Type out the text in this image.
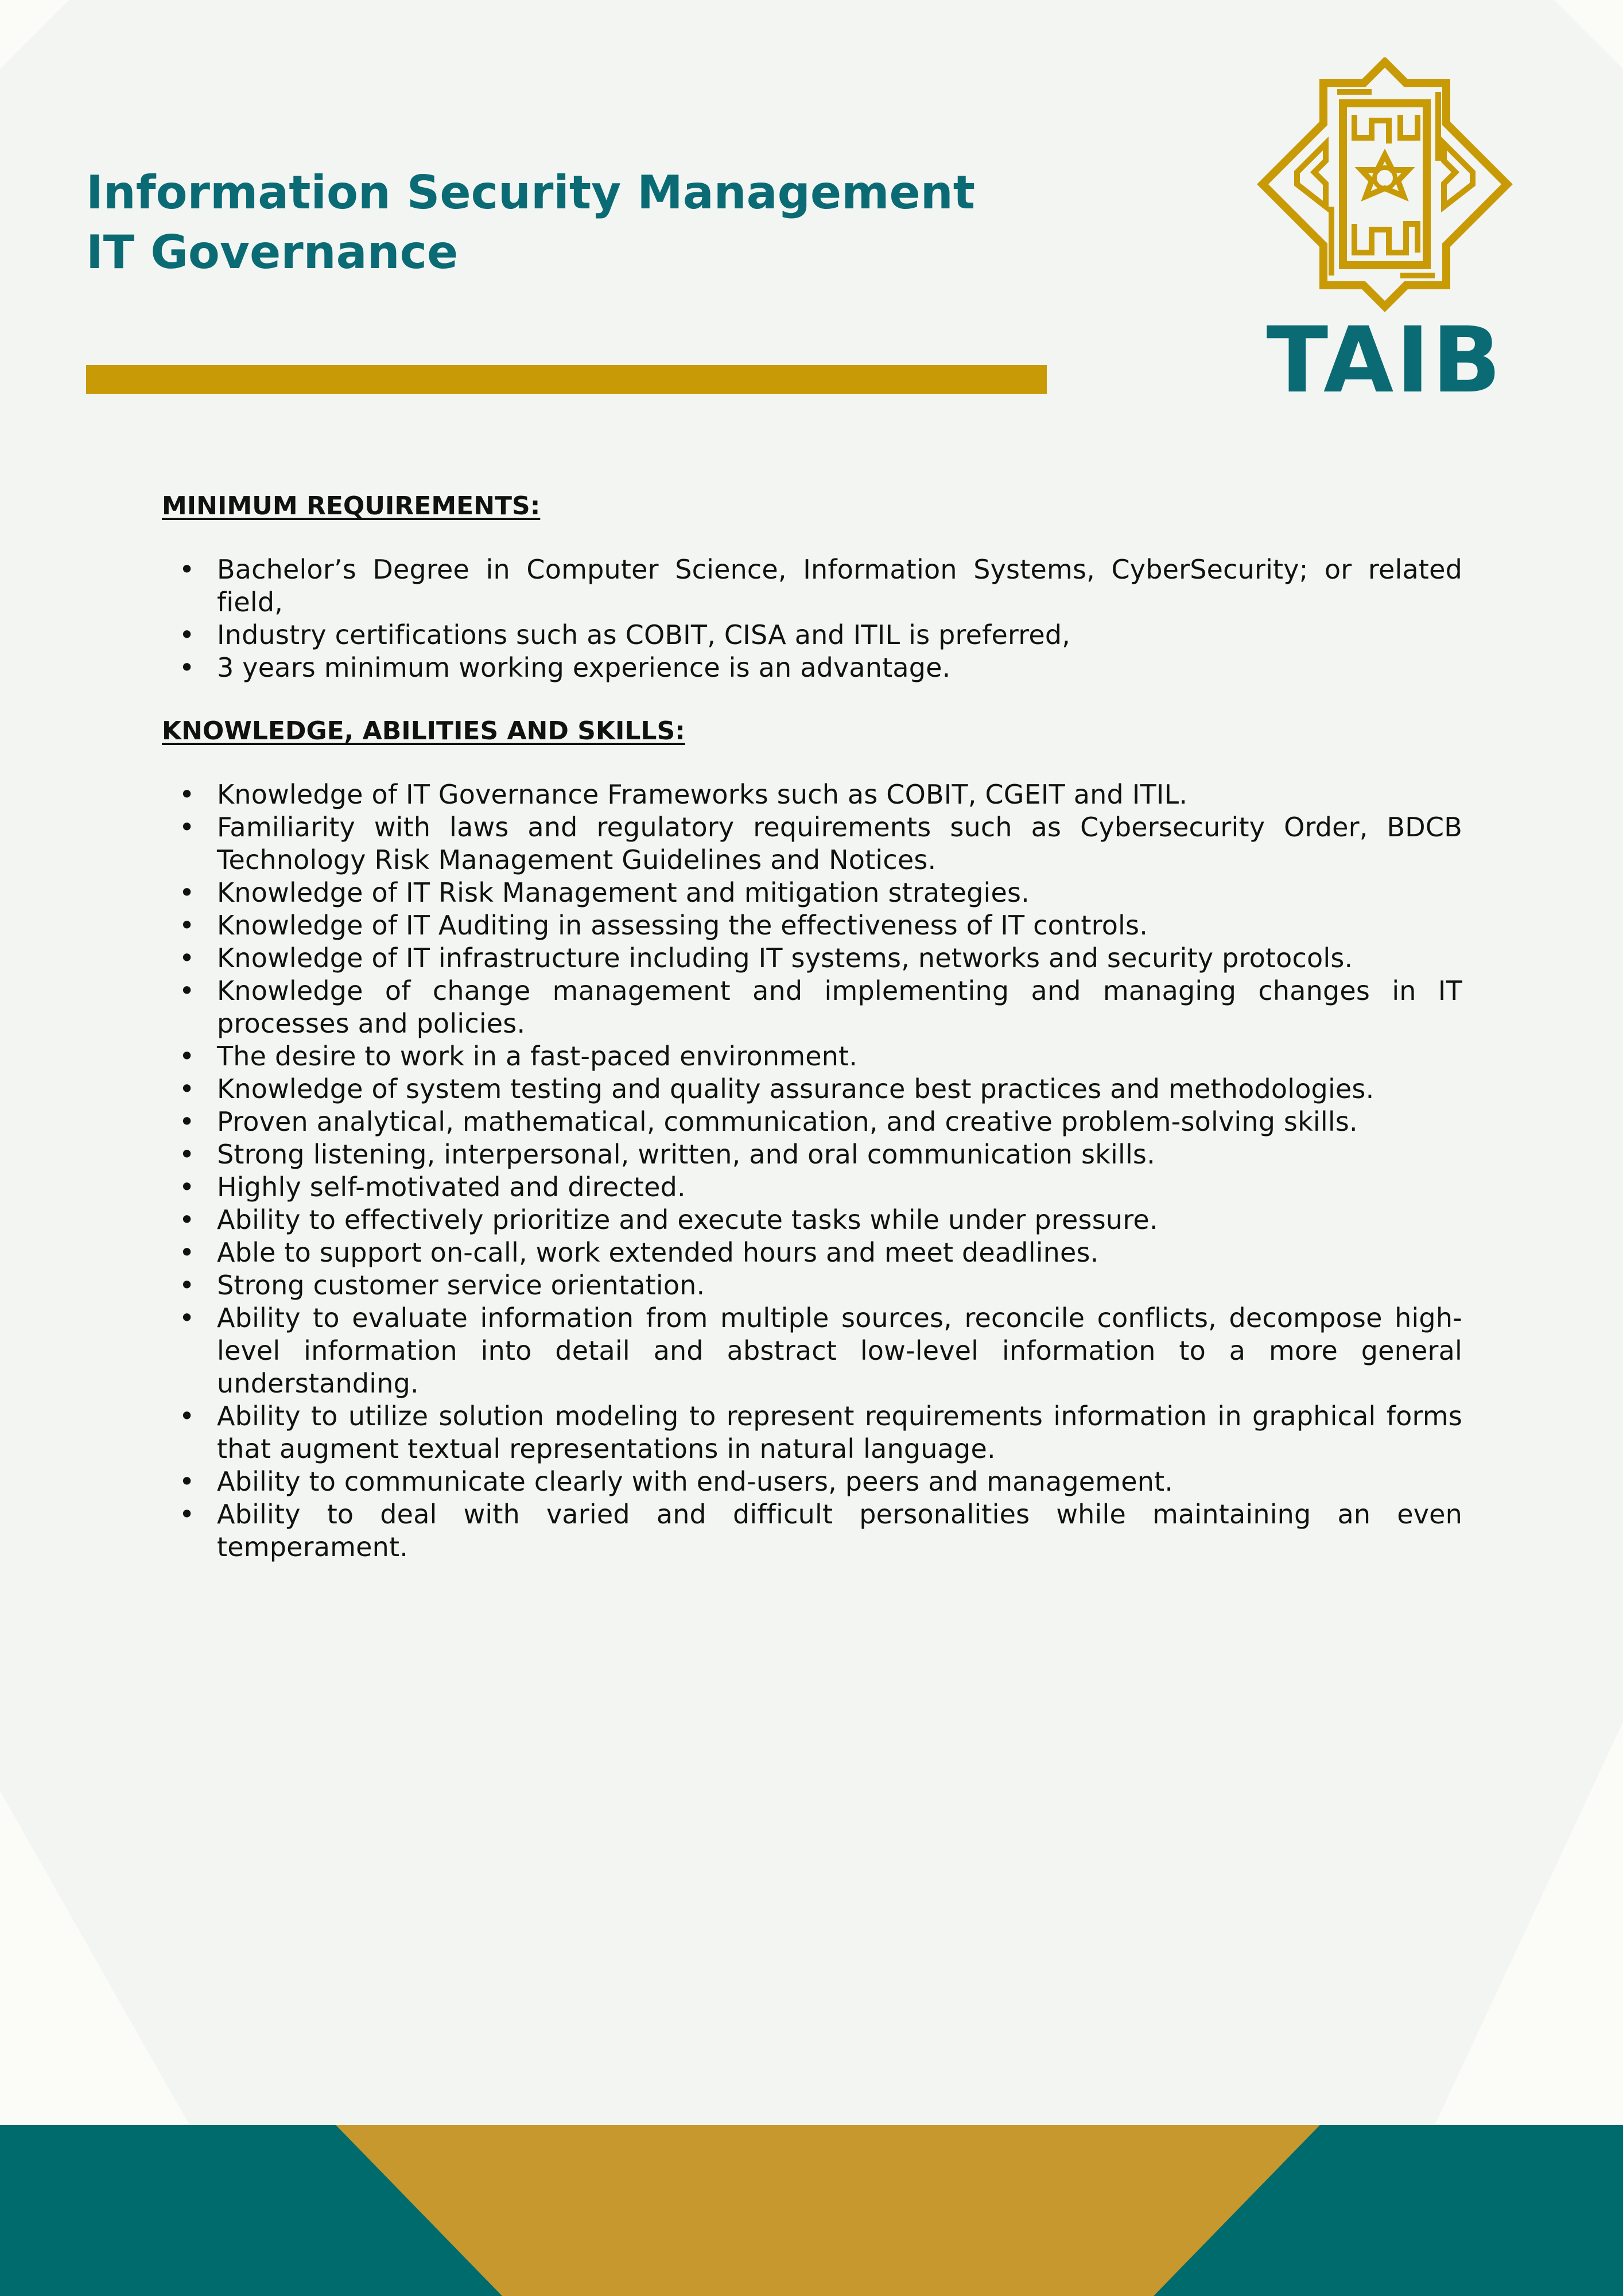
Information Security Management
IT Governance
TAIB
MINIMUM REQUIREMENTS:
• Bachelor’s Degree in Computer Science, Information Systems, CyberSecurity; or related field,
• Industry certifications such as COBIT, CISA and ITIL is preferred,
• 3 years minimum working experience is an advantage.
KNOWLEDGE, ABILITIES AND SKILLS:
• Knowledge of IT Governance Frameworks such as COBIT, CGEIT and ITIL.
• Familiarity with laws and regulatory requirements such as Cybersecurity Order, BDCB Technology Risk Management Guidelines and Notices.
• Knowledge of IT Risk Management and mitigation strategies.
• Knowledge of IT Auditing in assessing the effectiveness of IT controls.
• Knowledge of IT infrastructure including IT systems, networks and security protocols.
• Knowledge of change management and implementing and managing changes in IT processes and policies.
• The desire to work in a fast-paced environment.
• Knowledge of system testing and quality assurance best practices and methodologies.
• Proven analytical, mathematical, communication, and creative problem-solving skills.
• Strong listening, interpersonal, written, and oral communication skills.
• Highly self-motivated and directed.
• Ability to effectively prioritize and execute tasks while under pressure.
• Able to support on-call, work extended hours and meet deadlines.
• Strong customer service orientation.
• Ability to evaluate information from multiple sources, reconcile conflicts, decompose high-level information into detail and abstract low-level information to a more general understanding.
• Ability to utilize solution modeling to represent requirements information in graphical forms that augment textual representations in natural language.
• Ability to communicate clearly with end-users, peers and management.
• Ability to deal with varied and difficult personalities while maintaining an even temperament.
